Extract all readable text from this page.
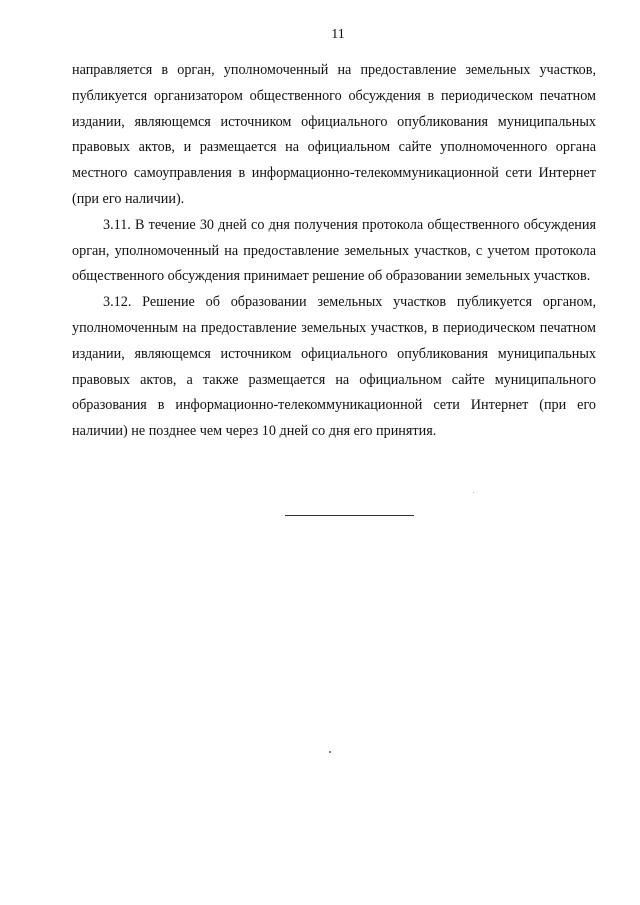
11

направляется в орган, уполномоченный на предоставление земельных участков, публикуется организатором общественного обсуждения в периодическом печатном издании, являющемся источником официального опубликования муниципальных правовых актов, и размещается на официальном сайте уполномоченного органа местного самоуправления в информационно-телекоммуникационной сети Интернет (при его наличии).

3.11. В течение 30 дней со дня получения протокола общественного обсуждения орган, уполномоченный на предоставление земельных участков, с учетом протокола общественного обсуждения принимает решение об образовании земельных участков.

3.12. Решение об образовании земельных участков публикуется органом, уполномоченным на предоставление земельных участков, в периодическом печатном издании, являющемся источником официального опубликования муниципальных правовых актов, а также размещается на официальном сайте муниципального образования в информационно-телекоммуникационной сети Интернет (при его наличии) не позднее чем через 10 дней со дня его принятия.
